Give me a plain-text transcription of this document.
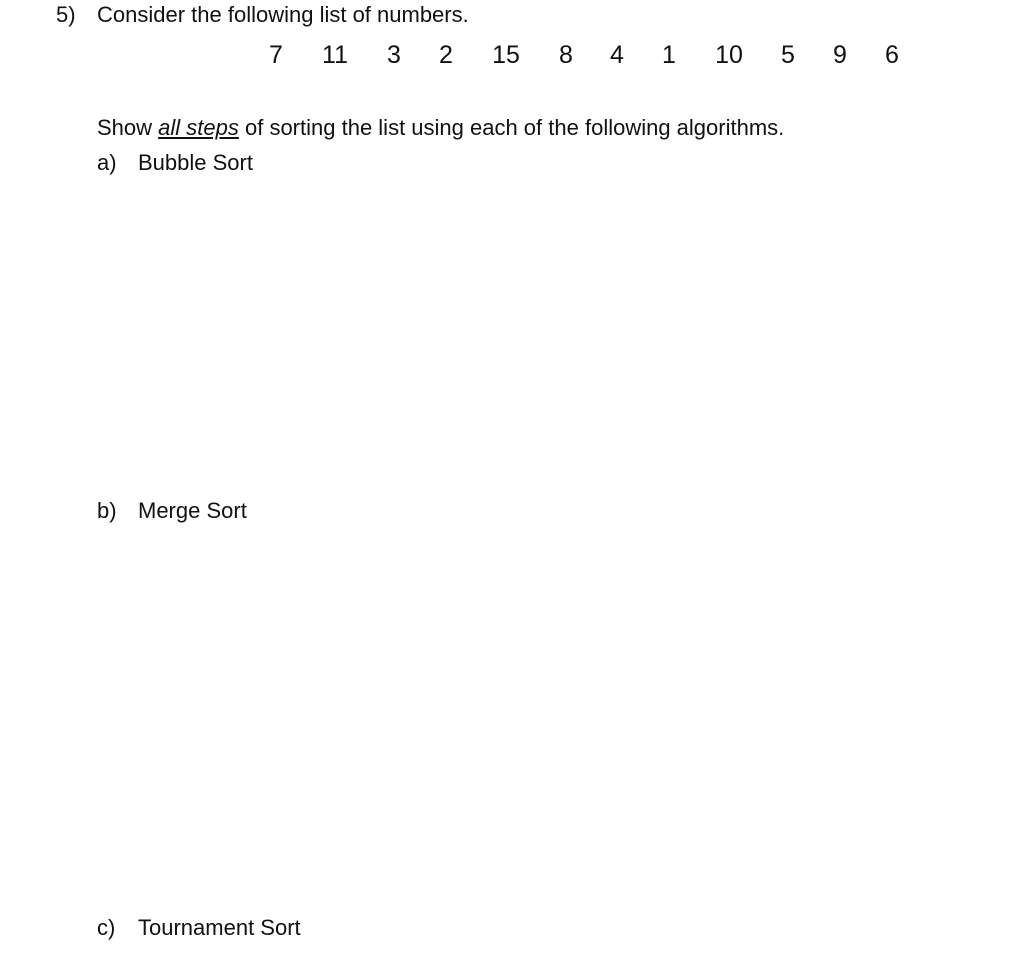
5) Consider the following list of numbers.
7	11	3	2	15	8	4	1	10	5	9	6
Show all steps of sorting the list using each of the following algorithms.
a) Bubble Sort
b) Merge Sort
c) Tournament Sort
